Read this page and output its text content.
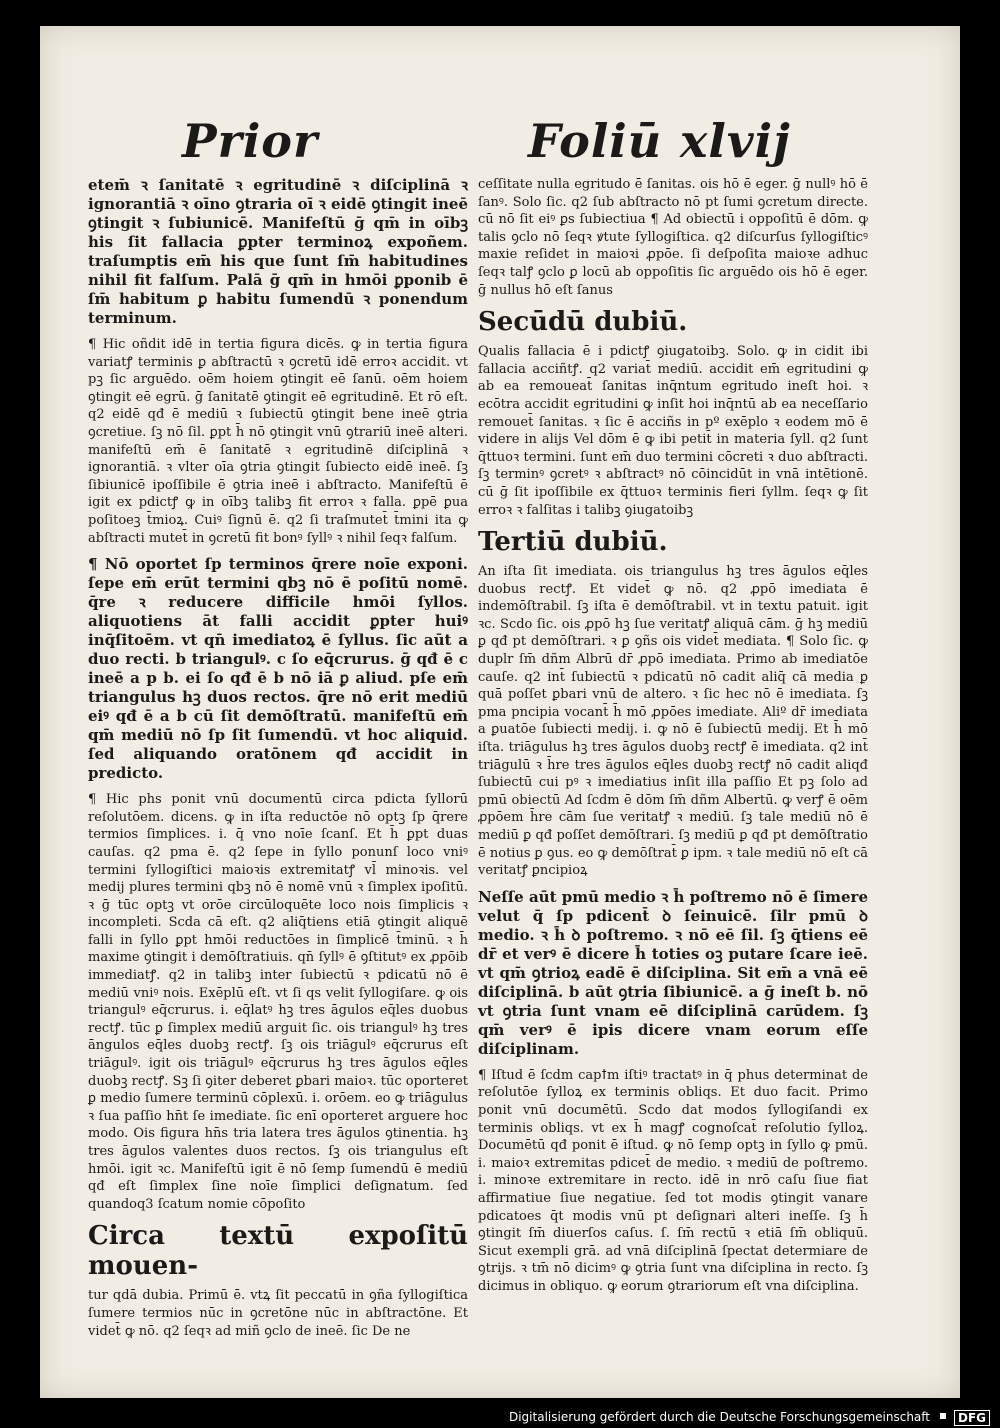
Prior	Foliū xlvij
etem̄ ꝛ ſanitatē ꝛ egritudinē ꝛ diſciplinā ꝛ ignorantiā ꝛ oīno ꝯtraria oī ꝛ eidē ꝯtingit ineē ꝯtingit ꝛ ſubiunicē. Manifeſtū ḡ qm̄ in oībꝫ his ſit fallacia ꝑpter terminoꝝ expoñem. traſumptis em̄ his que ſunt ſm̄ habitudines nihil fit falſum. Palā ḡ qm̄ in hmōi ꝑponib ē ſm̄ habitum ꝑ habitu ſumendū ꝛ ponendum terminum.
¶ Hic oñdit idē in tertia figura dicēs. ꝙ in tertia figura variatꝭ terminis ꝑ abſtractū ꝛ ꝯcretū idē erroꝛ accidit. vt pꝫ ſic arguēdo. oēm hoiem ꝯtingit eē ſanū. oēm hoiem ꝯtingit eē egrū. ḡ ſanitatē ꝯtingit eē egritudinē. Et rō eſt. q2 eidē qđ ē mediū ꝛ ſubiectū ꝯtingit bene ineē ꝯtria ꝯcretiue. ſꝫ nō ſil. ꝑpt h̄ nō ꝯtingit vnū ꝯtrariū ineē alteri. manifeſtū em̄ ē ſanitatē ꝛ egritudinē diſciplinā ꝛ ignorantiā. ꝛ vlter oīa ꝯtria ꝯtingit ſubiecto eidē ineē. ſꝫ ſibiunicē ipoſſibile ē ꝯtria ineē i abſtracto. Manifeſtū ē igit ex pdictꝭ ꝙ in oībꝫ talibꝫ fit erroꝛ ꝛ falla. ꝑpē ꝑua poſitoeꝫ t̄mioꝝ. Cuiꝰ ſignū ē. q2 ſi traſmutet̄ t̄mini ita ꝙ abſtracti mutet̄ in ꝯcretū fit bonꝰ ſyllꝰ ꝛ nihil ſeqꝛ falſum.
¶ Nō oportet ſp terminos q̄rere noīe exponi. ſepe em̄ erūt termini qbꝫ nō ē poſitū nomē. q̄re ꝛ reducere difficile hmōi ſyllos. aliquotiens āt falli accidit ꝑpter huiꝰ inq̄ſitoēm. vt qn̄ imediatoꝝ ē ſyllus. ſic aūt a duo recti. b triangulꝰ. c ſo eq̄crurus. ḡ qđ ē c ineē a p b. ei ſo qđ ē b nō iā ꝑ aliud. pſe em̄ triangulus hꝫ duos rectos. q̄re nō erit mediū eiꝰ qđ ē a b cū ſit demōſtratū. manifeſtū em̄ qm̄ mediū nō ſp ſit ſumendū. vt hoc aliquid. ſed aliquando oratōnem qđ accidit in predicto.
¶ Hic phs ponit vnū documentū circa pdicta ſyllorū reſolutōem. dicens. ꝙ in iſta reductōe nō optꝫ ſp q̄rere termios ſimplices. i. q̄ vno noīe ſcanſ. Et h̄ ꝑpt duas cauſas. q2 pma ē. q2 ſepe in ſyllo ponunſ loco vniꝰ termini ſyllogiſtici maioꝛis extremitatꝭ vl̄ minoꝛis. vel medij plures termini qbꝫ nō ē nomē vnū ꝛ ſimplex ipoſitū. ꝛ ḡ tūc optꝫ vt orōe circūloquēte loco nois ſimplicis ꝛ incompleti. Scda cā eſt. q2 aliq̄tiens etiā ꝯtingit aliquē falli in ſyllo ꝑpt hmōi reductōes in ſimplicē t̄minū. ꝛ h̄ maxime ꝯtingit i demōſtratiuis. qn̄ ſyllꝰ ē ꝯſtitutꝰ ex ꝓpōib immediatꝭ. q2 in talibꝫ inter ſubiectū ꝛ pdicatū nō ē mediū vniꝰ nois. Exēplū eſt. vt ſi qs velit ſyllogiſare. ꝙ ois triangulꝰ eq̄crurus. i. eq̄latꝰ hꝫ tres āgulos eq̄les duobus rectꝭ. tūc ꝑ ſimplex mediū arguit ſic. ois triangulꝰ hꝫ tres āngulos eq̄les duobꝫ rectꝭ. ſꝫ ois triāgulꝰ eq̄crurus eſt triāgulꝰ. igit ois triāgulꝰ eq̄crurus hꝫ tres āgulos eq̄les duobꝫ rectꝭ. Sꝫ ſi ꝯiter deberet ꝑbari maioꝛ. tūc oporteret ꝑ medio ſumere terminū cōplexū. i. orōem. eo ꝙ triāgulus ꝛ ſua paſſio hn̄t ſe imediate. ſic enī oporteret arguere hoc modo. Ois figura hn̄s tria latera tres āgulos ꝯtinentia. hꝫ tres āgulos valentes duos rectos. ſꝫ ois triangulus eſt hmōi. igit ꝛc. Manifeſtū igit ē nō ſemp ſumendū ē mediū qđ eſt ſimplex ſine noīe ſimplici deſignatum. ſed quandoq3 ſcatum nomie cōpoſito
Circa textū expoſitū mouen-
tur qdā dubia. Primū ē. vtꝝ ſit peccatū in ꝯña ſyllogiſtica ſumere termios nūc in ꝯcretōne nūc in abſtractōne. Et videt̄ ꝙ nō. q2 ſeqꝛ ad miñ ꝯclo de ineē. ſic De ne
ceſſitate nulla egritudo ē ſanitas. ois hō ē eger. ḡ nullꝰ hō ē ſanꝰ. Solo ſic. q2 ſub abſtracto nō pt ſumi ꝯcretum directe. cū nō ſit eiꝰ ꝑs ſubiectiua ¶ Ad obiectū i oppoſitū ē dōm. ꝙ talis ꝯclo nō ſeqꝛ ꝟtute ſyllogiſtica. q2 diſcurſus ſyllogiſticꝰ maxie reſidet in maioꝛi ꝓpōe. ſi deſpoſita maioꝛe adhuc ſeqꝛ talꝭ ꝯclo ꝑ locū ab oppoſitis ſic arguēdo ois hō ē eger. ḡ nullus hō eſt ſanus
Secūdū dubiū.
Qualis fallacia ē i pdictꝭ ꝯiugatoibꝫ. Solo. ꝙ in cidit ibi fallacia acciñtꝭ. q2 variat̄ mediū. accidit em̄ egritudini ꝙ ab ea remoueat̄ ſanitas inq̄ntum egritudo ineſt hoi. ꝛ ecōtra accidit egritudini ꝙ inſit hoi inq̄ntū ab ea neceſſario remouet̄ ſanitas. ꝛ ſic ē acciñs in pº exēplo ꝛ eodem mō ē videre in alijs Vel dōm ē ꝙ ibi petit̄ in materia ſyll. q2 ſunt q̄ttuoꝛ termini. ſunt em̄ duo termini cōcreti ꝛ duo abſtracti. ſꝫ terminꝰ ꝯcretꝰ ꝛ abſtractꝰ nō cōincidūt in vnā intētionē. cū ḡ ſit ipoſſibile ex q̄ttuoꝛ terminis fieri ſyllm. ſeqꝛ ꝙ ſit erroꝛ ꝛ falſitas i talibꝫ ꝯiugatoibꝫ
Tertiū dubiū.
An iſta ſit imediata. ois triangulus hꝫ tres āgulos eq̄les duobus rectꝭ. Et videt̄ ꝙ nō. q2 ꝓpō imediata ē indemōſtrabil. ſꝫ iſta ē demōſtrabil. vt in textu patuit. igit ꝛc. Scdo ſic. ois ꝓpō hꝫ ſue veritatꝭ aliquā cām. ḡ hꝫ mediū ꝑ qđ pt demōſtrari. ꝛ ꝑ ꝯñs ois videt̄ mediata. ¶ Solo ſic. ꝙ duplr ſm̄ dñm Albrū dr̄ ꝓpō imediata. Primo ab imediatōe cauſe. q2 int̄ ſubiectū ꝛ pdicatū nō cadit aliq̄ cā media ꝑ quā poſſet ꝑbari vnū de altero. ꝛ ſic hec nō ē imediata. ſꝫ pma pncipia vocant̄ h̄ mō ꝓpōes imediate. Aliº dr̄ imediata a ꝑuatōe ſubiecti medij. i. ꝙ nō ē ſubiectū medij. Et h̄ mō iſta. triāgulus hꝫ tres āgulos duobꝫ rectꝭ ē imediata. q2 int̄ triāgulū ꝛ h̄re tres āgulos eq̄les duobꝫ rectꝭ nō cadit aliqđ ſubiectū cui pꝰ ꝛ imediatius inſit illa paſſio Et pꝫ ſolo ad pmū obiectū Ad ſcdm ē dōm ſm̄ dñm Albertū. ꝙ verꝭ ē oēm ꝓpōem h̄re cām ſue veritatꝭ ꝛ mediū. ſꝫ tale mediū nō ē mediū ꝑ qđ poſſet demōſtrari. ſꝫ mediū ꝑ qđ pt demōſtratio ē notius ꝑ ꝯus. eo ꝙ demōſtrat̄ ꝑ ipm. ꝛ tale mediū nō eſt cā veritatꝭ ꝑncipioꝝ
Neſſe aūt pmū medio ꝛ h̄ poſtremo nō ē ſimere velut q̄ ſp pdicent̄ ꝺ ſeinuicē. ſilr pmū ꝺ medio. ꝛ h̄ ꝺ poſtremo. ꝛ nō eē ſil. ſꝫ q̄tiens eē dr̄ et verꝰ ē dicere h̄ toties oꝫ putare ſcare ieē. vt qm̄ ꝯtrioꝝ eadē ē diſciplina. Sit em̄ a vnā eē diſciplinā. b aūt ꝯtria ſibiunicē. a ḡ ineſt b. nō vt ꝯtria ſunt vnam eē diſciplinā carūdem. ſꝫ qm̄ verꝰ ē ipis dicere vnam eorum eſſe diſciplinam.
¶ Iſtud ē ſcdm capꝉm iſtiꝰ tractatꝰ in q̄ phus determinat de reſolutōe ſylloꝝ ex terminis obliqs. Et duo facit. Primo ponit vnū documētū. Scdo dat modos ſyllogiſandi ex terminis obliqs. vt ex h̄ magꝭ cognoſcat̄ reſolutio ſylloꝝ. Documētū qđ ponit ē iſtud. ꝙ nō ſemp optꝫ in ſyllo ꝙ pmū. i. maioꝛ extremitas pdicet̄ de medio. ꝛ mediū de poſtremo. i. minoꝛe extremitare in recto. idē in nrō caſu ſiue fiat affirmatiue ſiue negatiue. ſed tot modis ꝯtingit vanare pdicatoes q̄t modis vnū pt deſignari alteri ineſſe. ſꝫ h̄ ꝯtingit ſm̄ diuerſos caſus. ſ. ſm̄ rectū ꝛ etiā ſm̄ obliquū. Sicut exempli grā. ad vnā diſciplinā ſpectat determiare de ꝯtrijs. ꝛ tm̄ nō dicimꝰ ꝙ ꝯtria ſunt vna diſciplina in recto. ſꝫ dicimus in obliquo. ꝙ eorum ꝯtrariorum eſt vna diſciplina.
Digitalisierung gefördert durch die Deutsche Forschungsgemeinschaft	DFG
